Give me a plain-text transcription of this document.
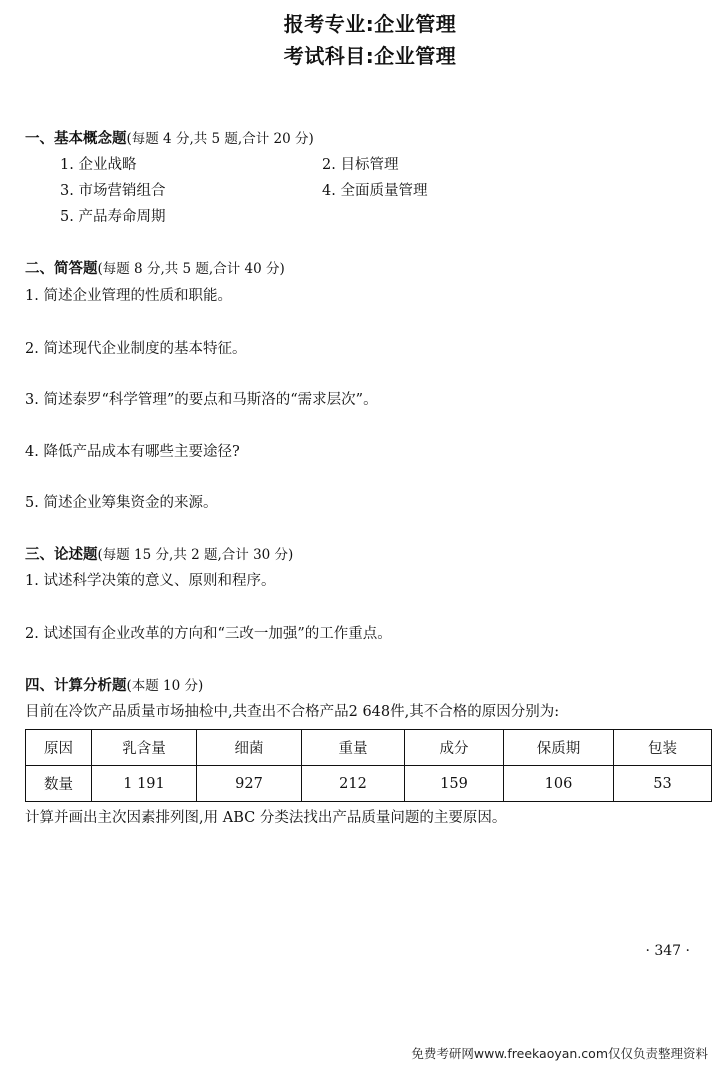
报考专业:企业管理
考试科目:企业管理
一、基本概念题(每题 4 分,共 5 题,合计 20 分)
1. 企业战略	2. 目标管理
3. 市场营销组合	4. 全面质量管理
5. 产品寿命周期
二、简答题(每题 8 分,共 5 题,合计 40 分)
1. 简述企业管理的性质和职能。
2. 简述现代企业制度的基本特征。
3. 简述泰罗“科学管理”的要点和马斯洛的“需求层次”。
4. 降低产品成本有哪些主要途径?
5. 简述企业筹集资金的来源。
三、论述题(每题 15 分,共 2 题,合计 30 分)
1. 试述科学决策的意义、原则和程序。
2. 试述国有企业改革的方向和“三改一加强”的工作重点。
四、计算分析题(本题 10 分)
目前在冷饮产品质量市场抽检中,共查出不合格产品2 648件,其不合格的原因分别为:
原因	乳含量	细菌	重量	成分	保质期	包装
数量	1 191	927	212	159	106	53
计算并画出主次因素排列图,用 ABC 分类法找出产品质量问题的主要原因。
· 347 ·
免费考研网www.freekaoyan.com仅仅负责整理资料
